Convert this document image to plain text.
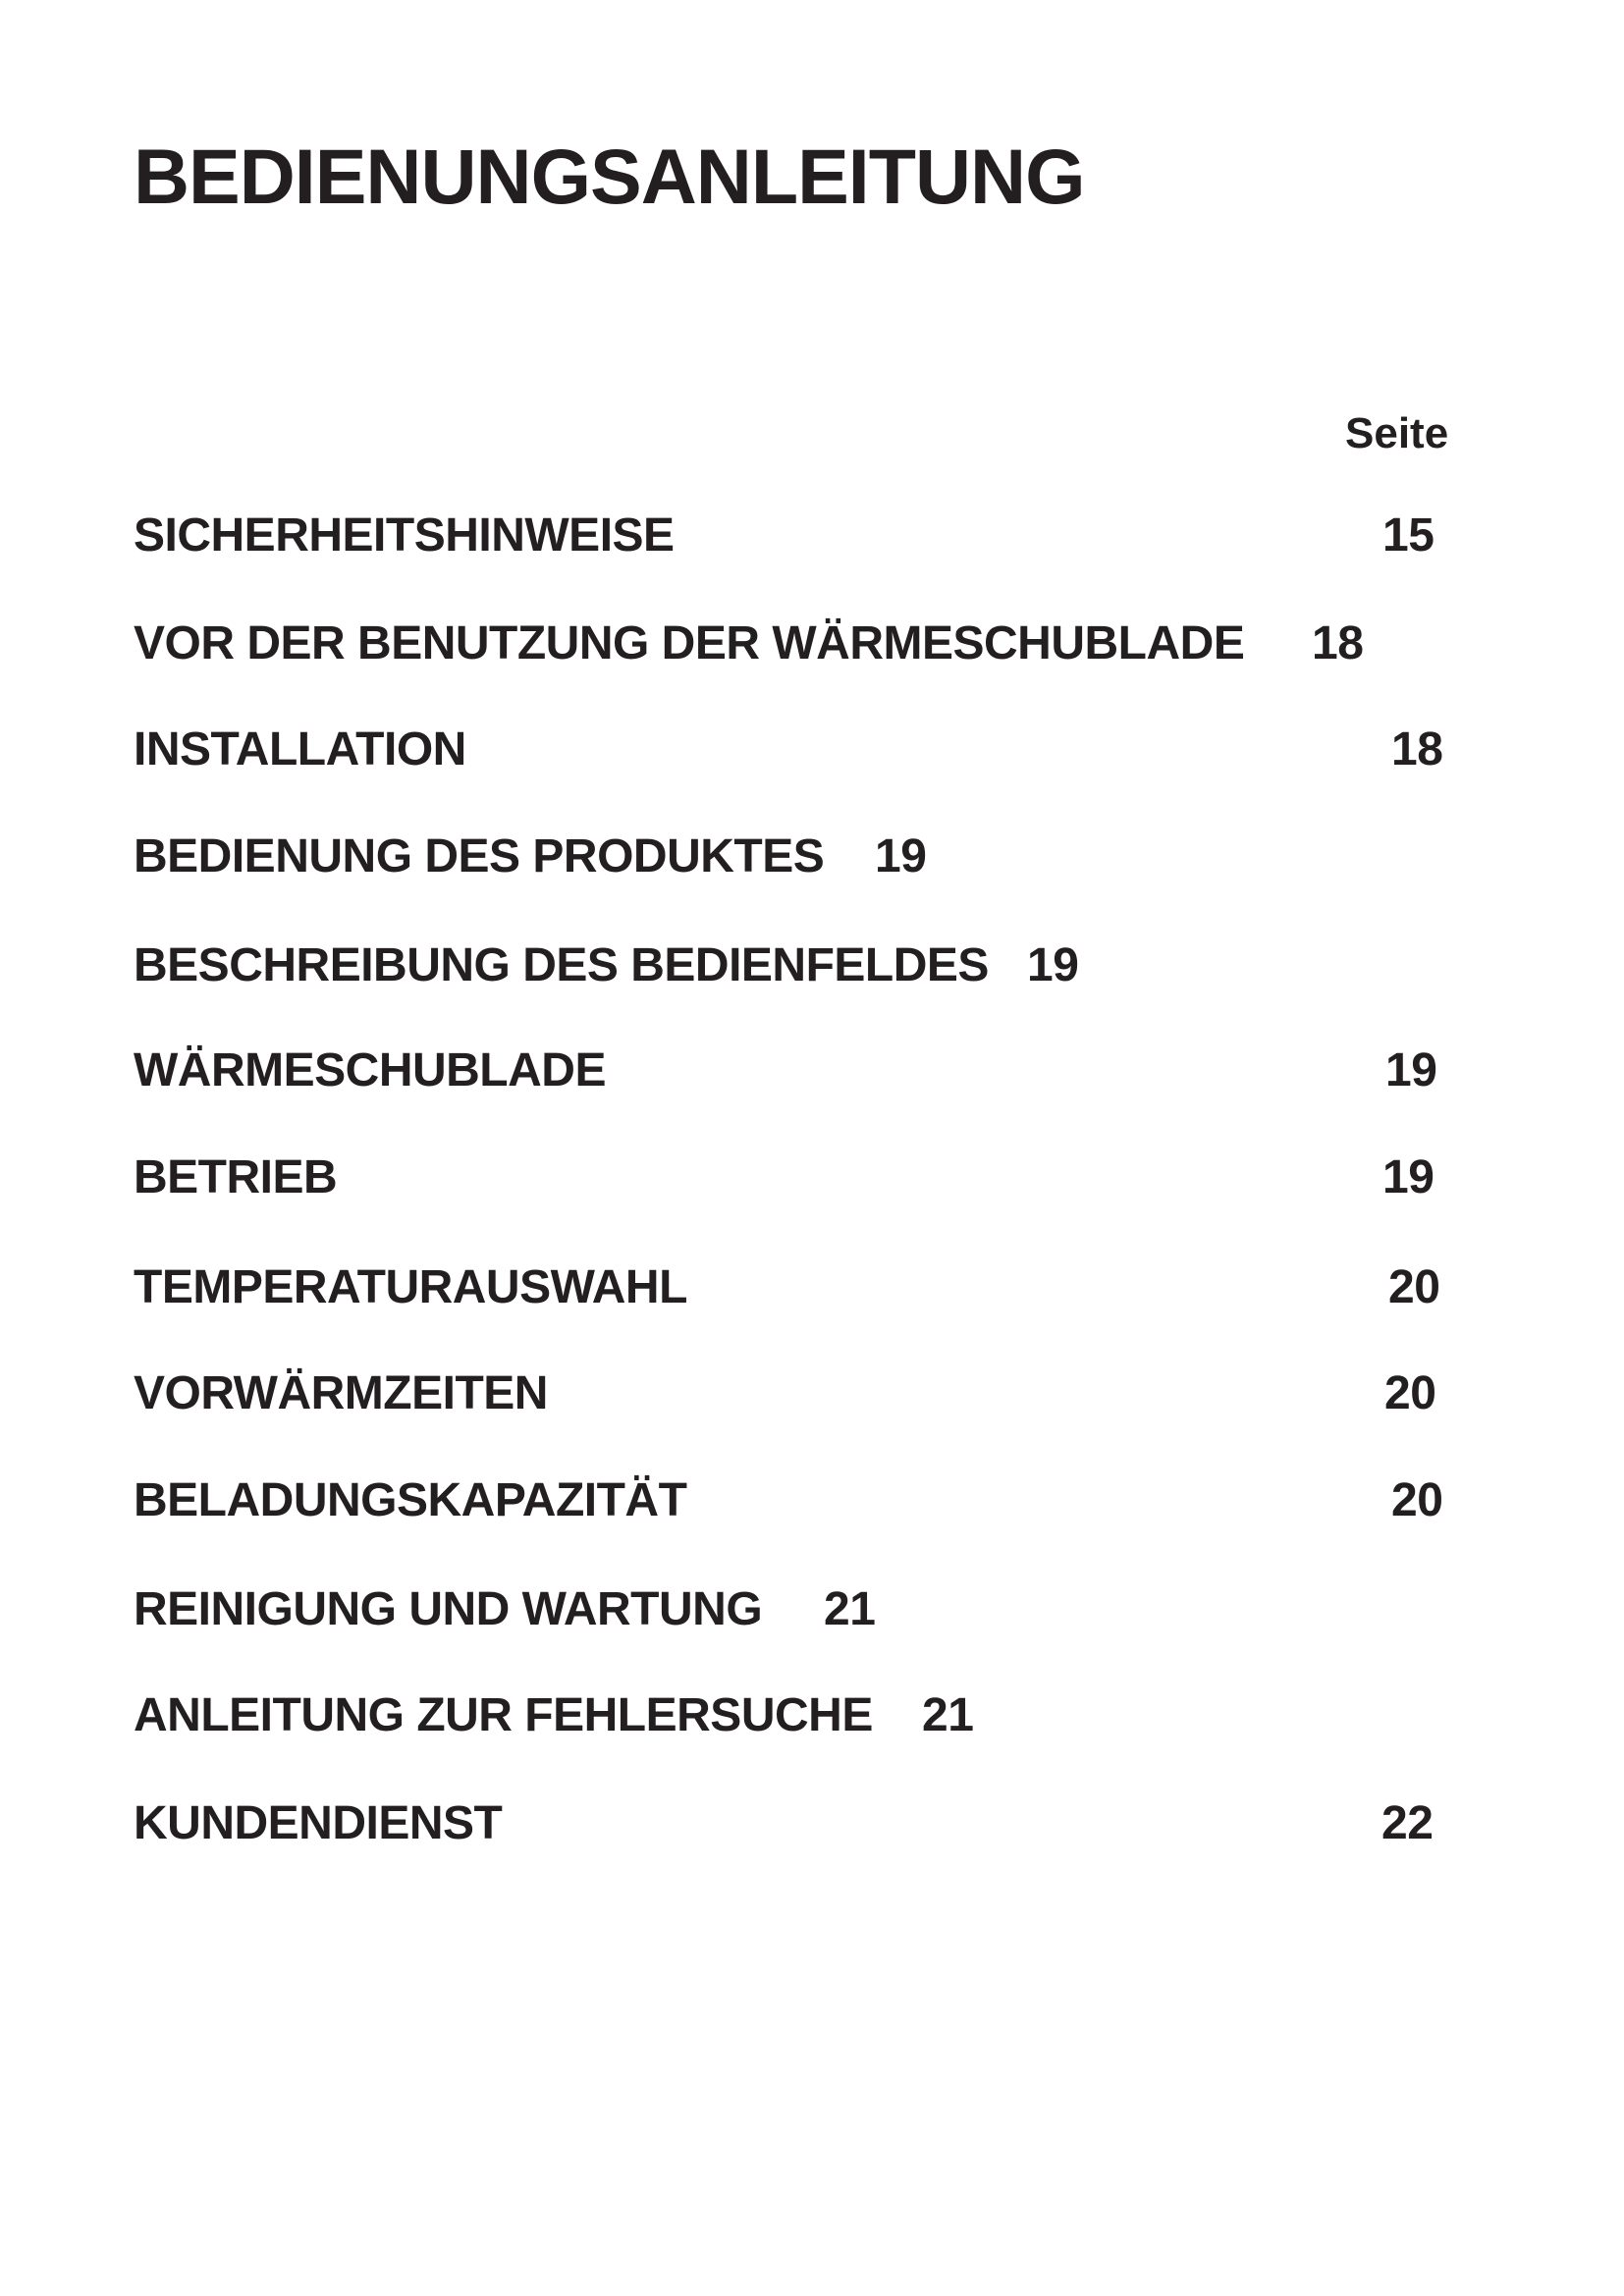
BEDIENUNGSANLEITUNG
Seite
SICHERHEITSHINWEISE	15
VOR DER BENUTZUNG DER WÄRMESCHUBLADE 18
INSTALLATION	18
BEDIENUNG DES PRODUKTES 19
BESCHREIBUNG DES BEDIENFELDES 19
WÄRMESCHUBLADE	19
BETRIEB	19
TEMPERATURAUSWAHL	20
VORWÄRMZEITEN	20
BELADUNGSKAPAZITÄT	20
REINIGUNG UND WARTUNG 21
ANLEITUNG ZUR FEHLERSUCHE 21
KUNDENDIENST	22
